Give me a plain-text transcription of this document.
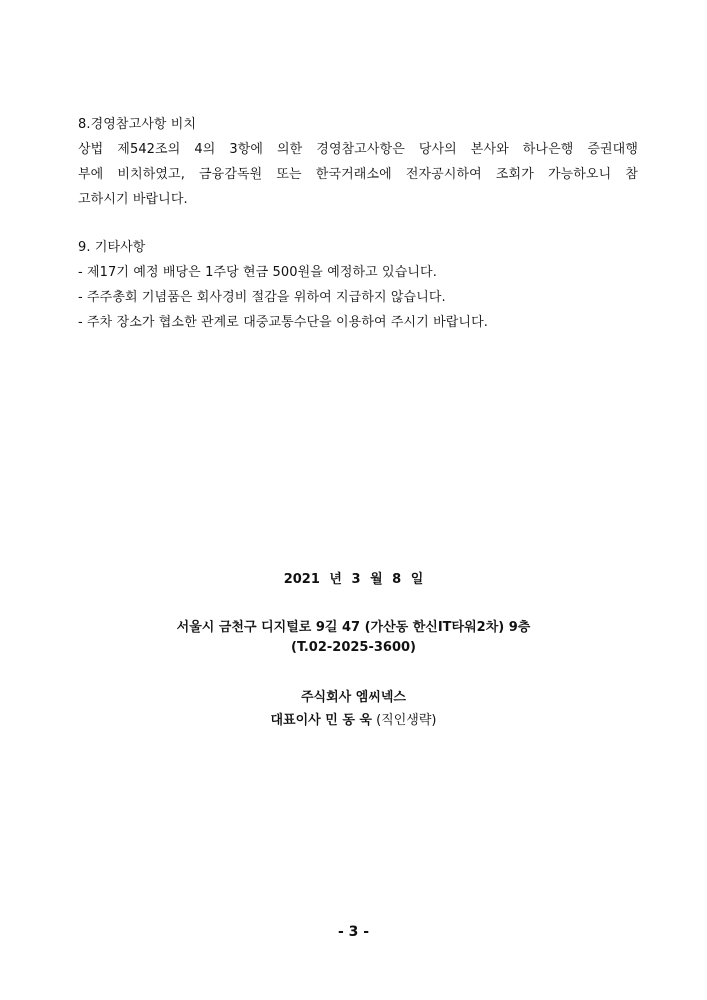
8.경영참고사항 비치
상법 제542조의 4의 3항에 의한 경영참고사항은 당사의 본사와 하나은행 증권대행
부에 비치하였고, 금융감독원 또는 한국거래소에 전자공시하여 조회가 가능하오니 참
고하시기 바랍니다.
9. 기타사항
- 제17기 예정 배당은 1주당 현금 500원을 예정하고 있습니다.
- 주주총회 기념품은 회사경비 절감을 위하여 지급하지 않습니다.
- 주차 장소가 협소한 관계로 대중교통수단을 이용하여 주시기 바랍니다.
2021 년 3 월 8 일
서울시 금천구 디지털로 9길 47 (가산동 한신IT타워2차) 9층
(T.02-2025-3600)
주식회사 엠씨넥스
대표이사 민 동 욱 (직인생략)
- 3 -
